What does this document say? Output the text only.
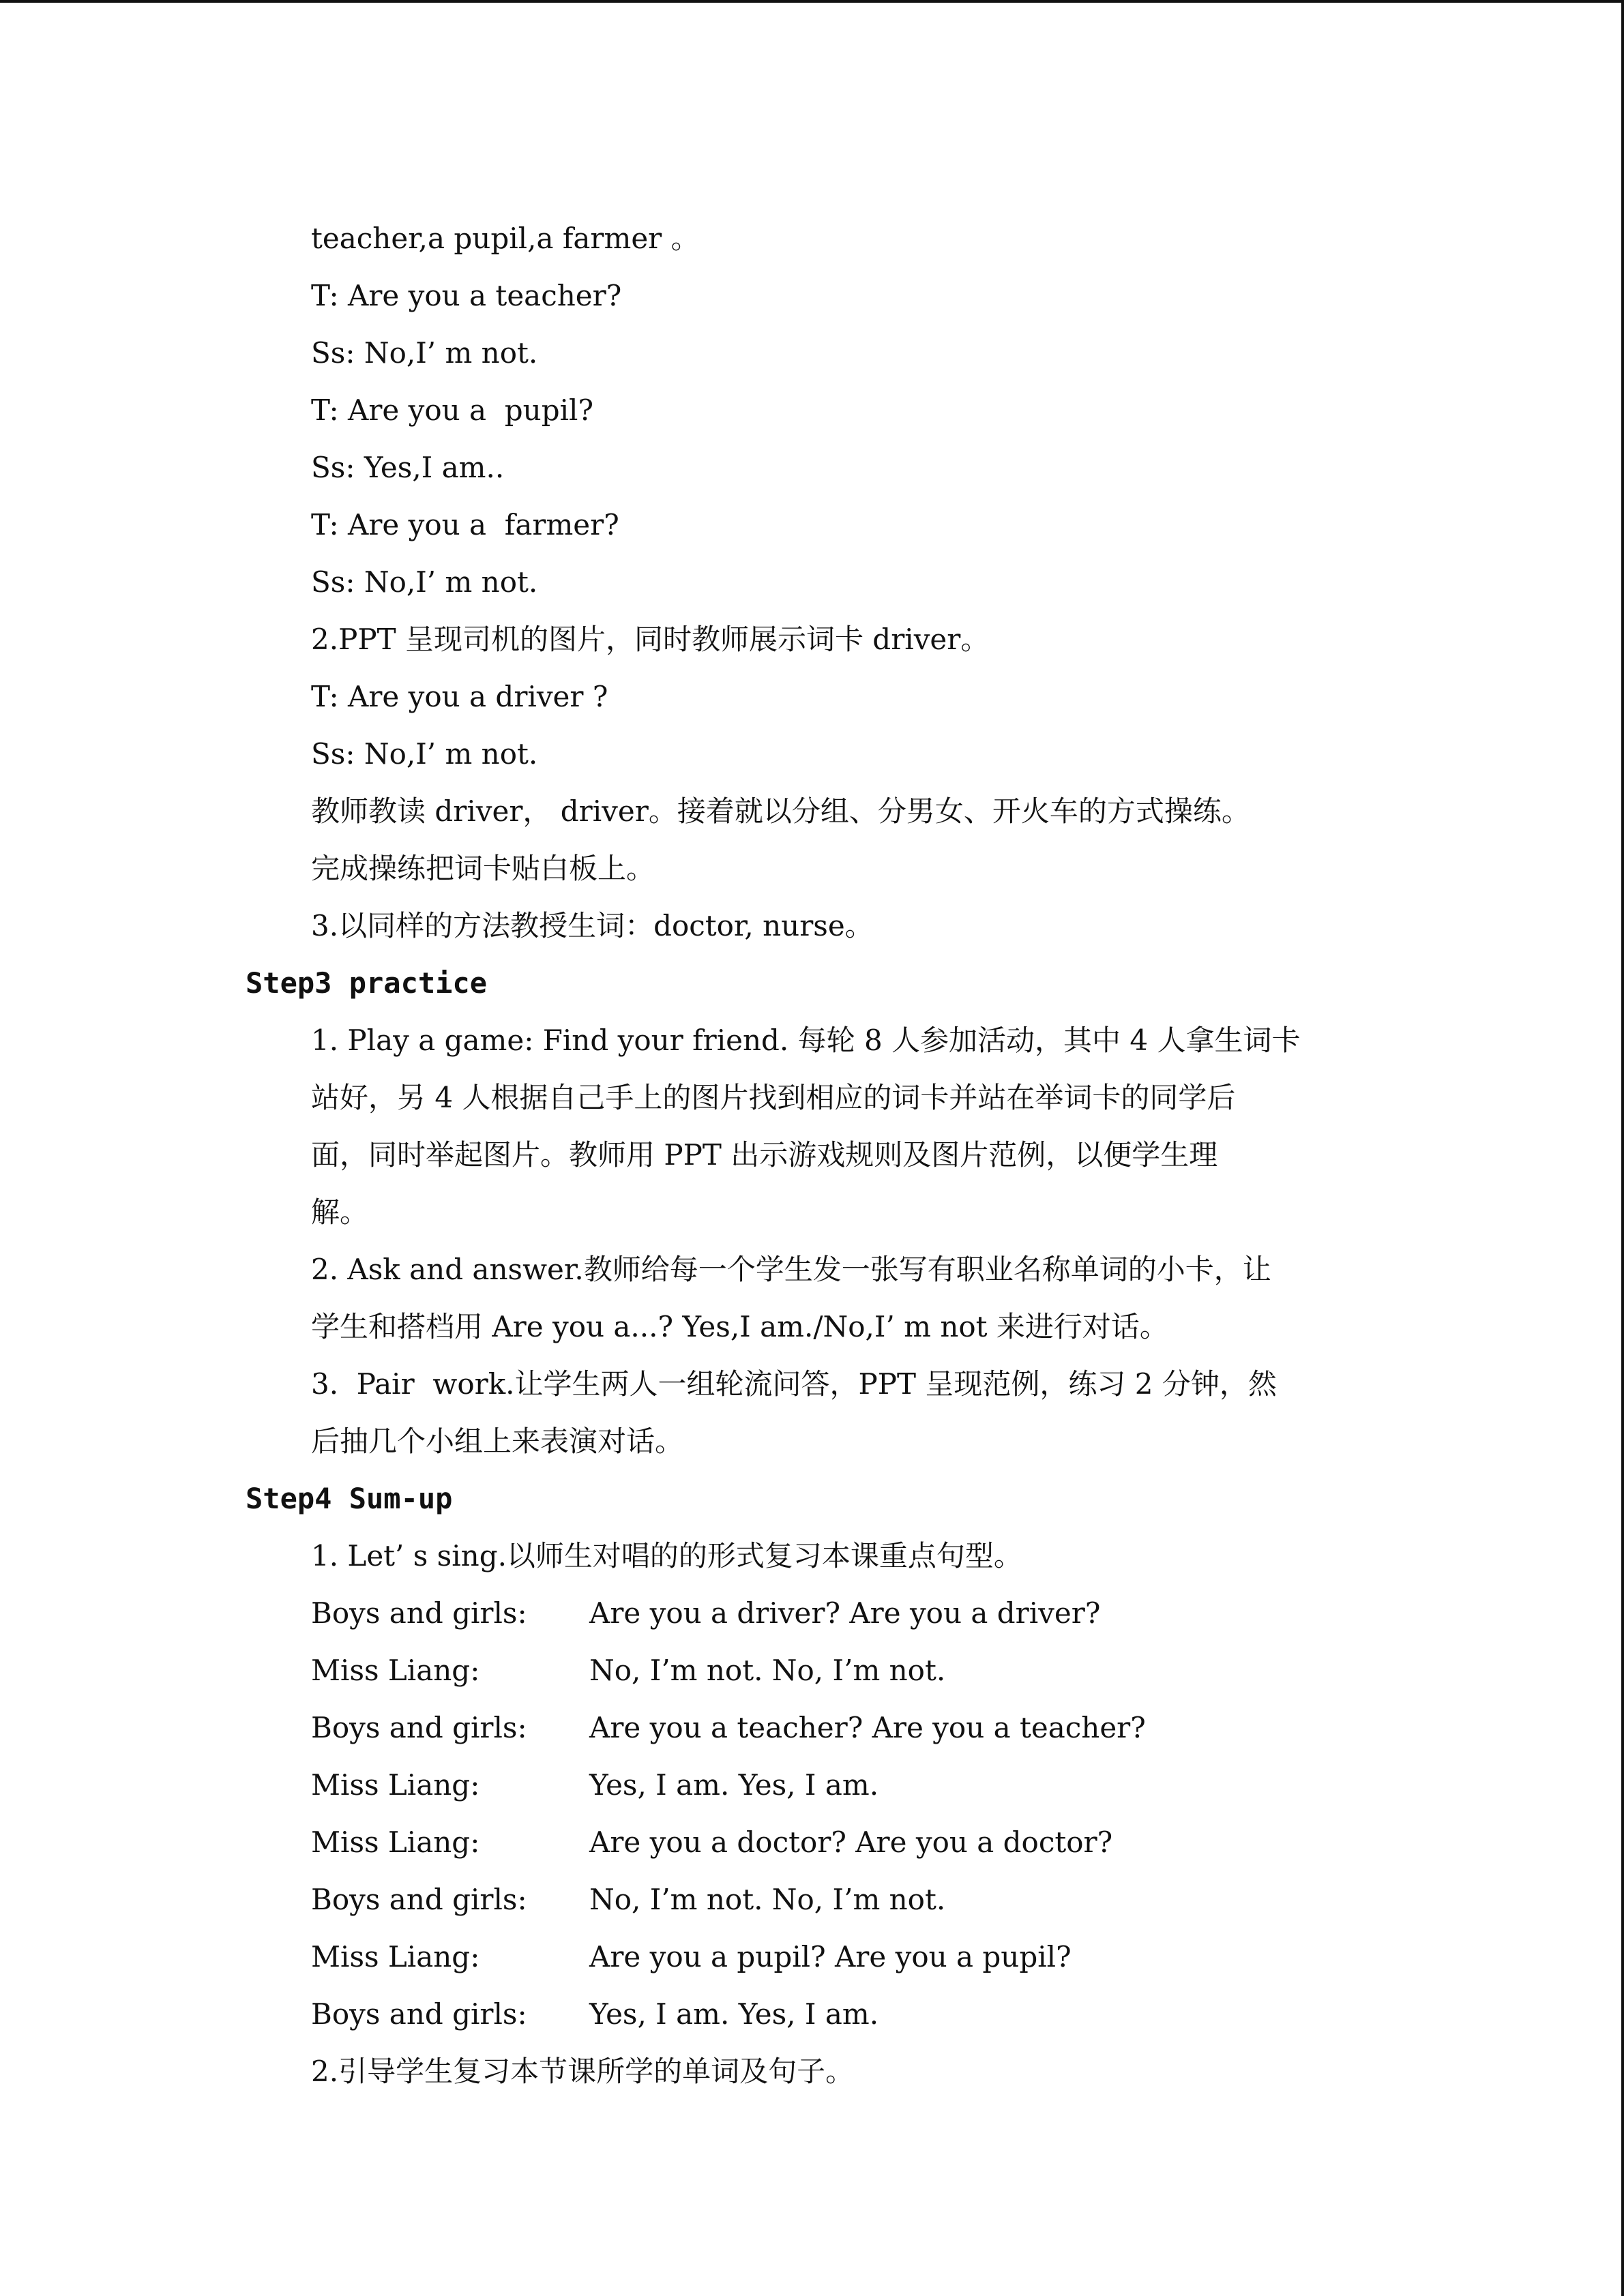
teacher,a pupil,a farmer 。
T: Are you a teacher?
Ss: No,I’ m not.
T: Are you a  pupil?
Ss: Yes,I am..
T: Are you a  farmer?
Ss: No,I’ m not.
2.PPT 呈现司机的图片，同时教师展示词卡 driver。
T: Are you a driver ?
Ss: No,I’ m not.
教师教读 driver， driver。接着就以分组、分男女、开火车的方式操练。
完成操练把词卡贴白板上。
3.以同样的方法教授生词：doctor, nurse。
Step3 practice
1. Play a game: Find your friend. 每轮 8 人参加活动，其中 4 人拿生词卡
站好，另 4 人根据自己手上的图片找到相应的词卡并站在举词卡的同学后
面，同时举起图片。教师用 PPT 出示游戏规则及图片范例，以便学生理
解。
2. Ask and answer.教师给每一个学生发一张写有职业名称单词的小卡，让
学生和搭档用 Are you a...? Yes,I am./No,I’ m not 来进行对话。
3.  Pair  work.让学生两人一组轮流问答，PPT 呈现范例，练习 2 分钟，然
后抽几个小组上来表演对话。
Step4 Sum-up
1. Let’ s sing.以师生对唱的的形式复习本课重点句型。
Boys and girls: Are you a driver? Are you a driver?
Miss Liang:	No, I’m not. No, I’m not.
Boys and girls: Are you a teacher? Are you a teacher?
Miss Liang:	Yes, I am. Yes, I am.
Miss Liang:	Are you a doctor? Are you a doctor?
Boys and girls: No, I’m not. No, I’m not.
Miss Liang:	Are you a pupil? Are you a pupil?
Boys and girls: Yes, I am. Yes, I am.
2.引导学生复习本节课所学的单词及句子。
